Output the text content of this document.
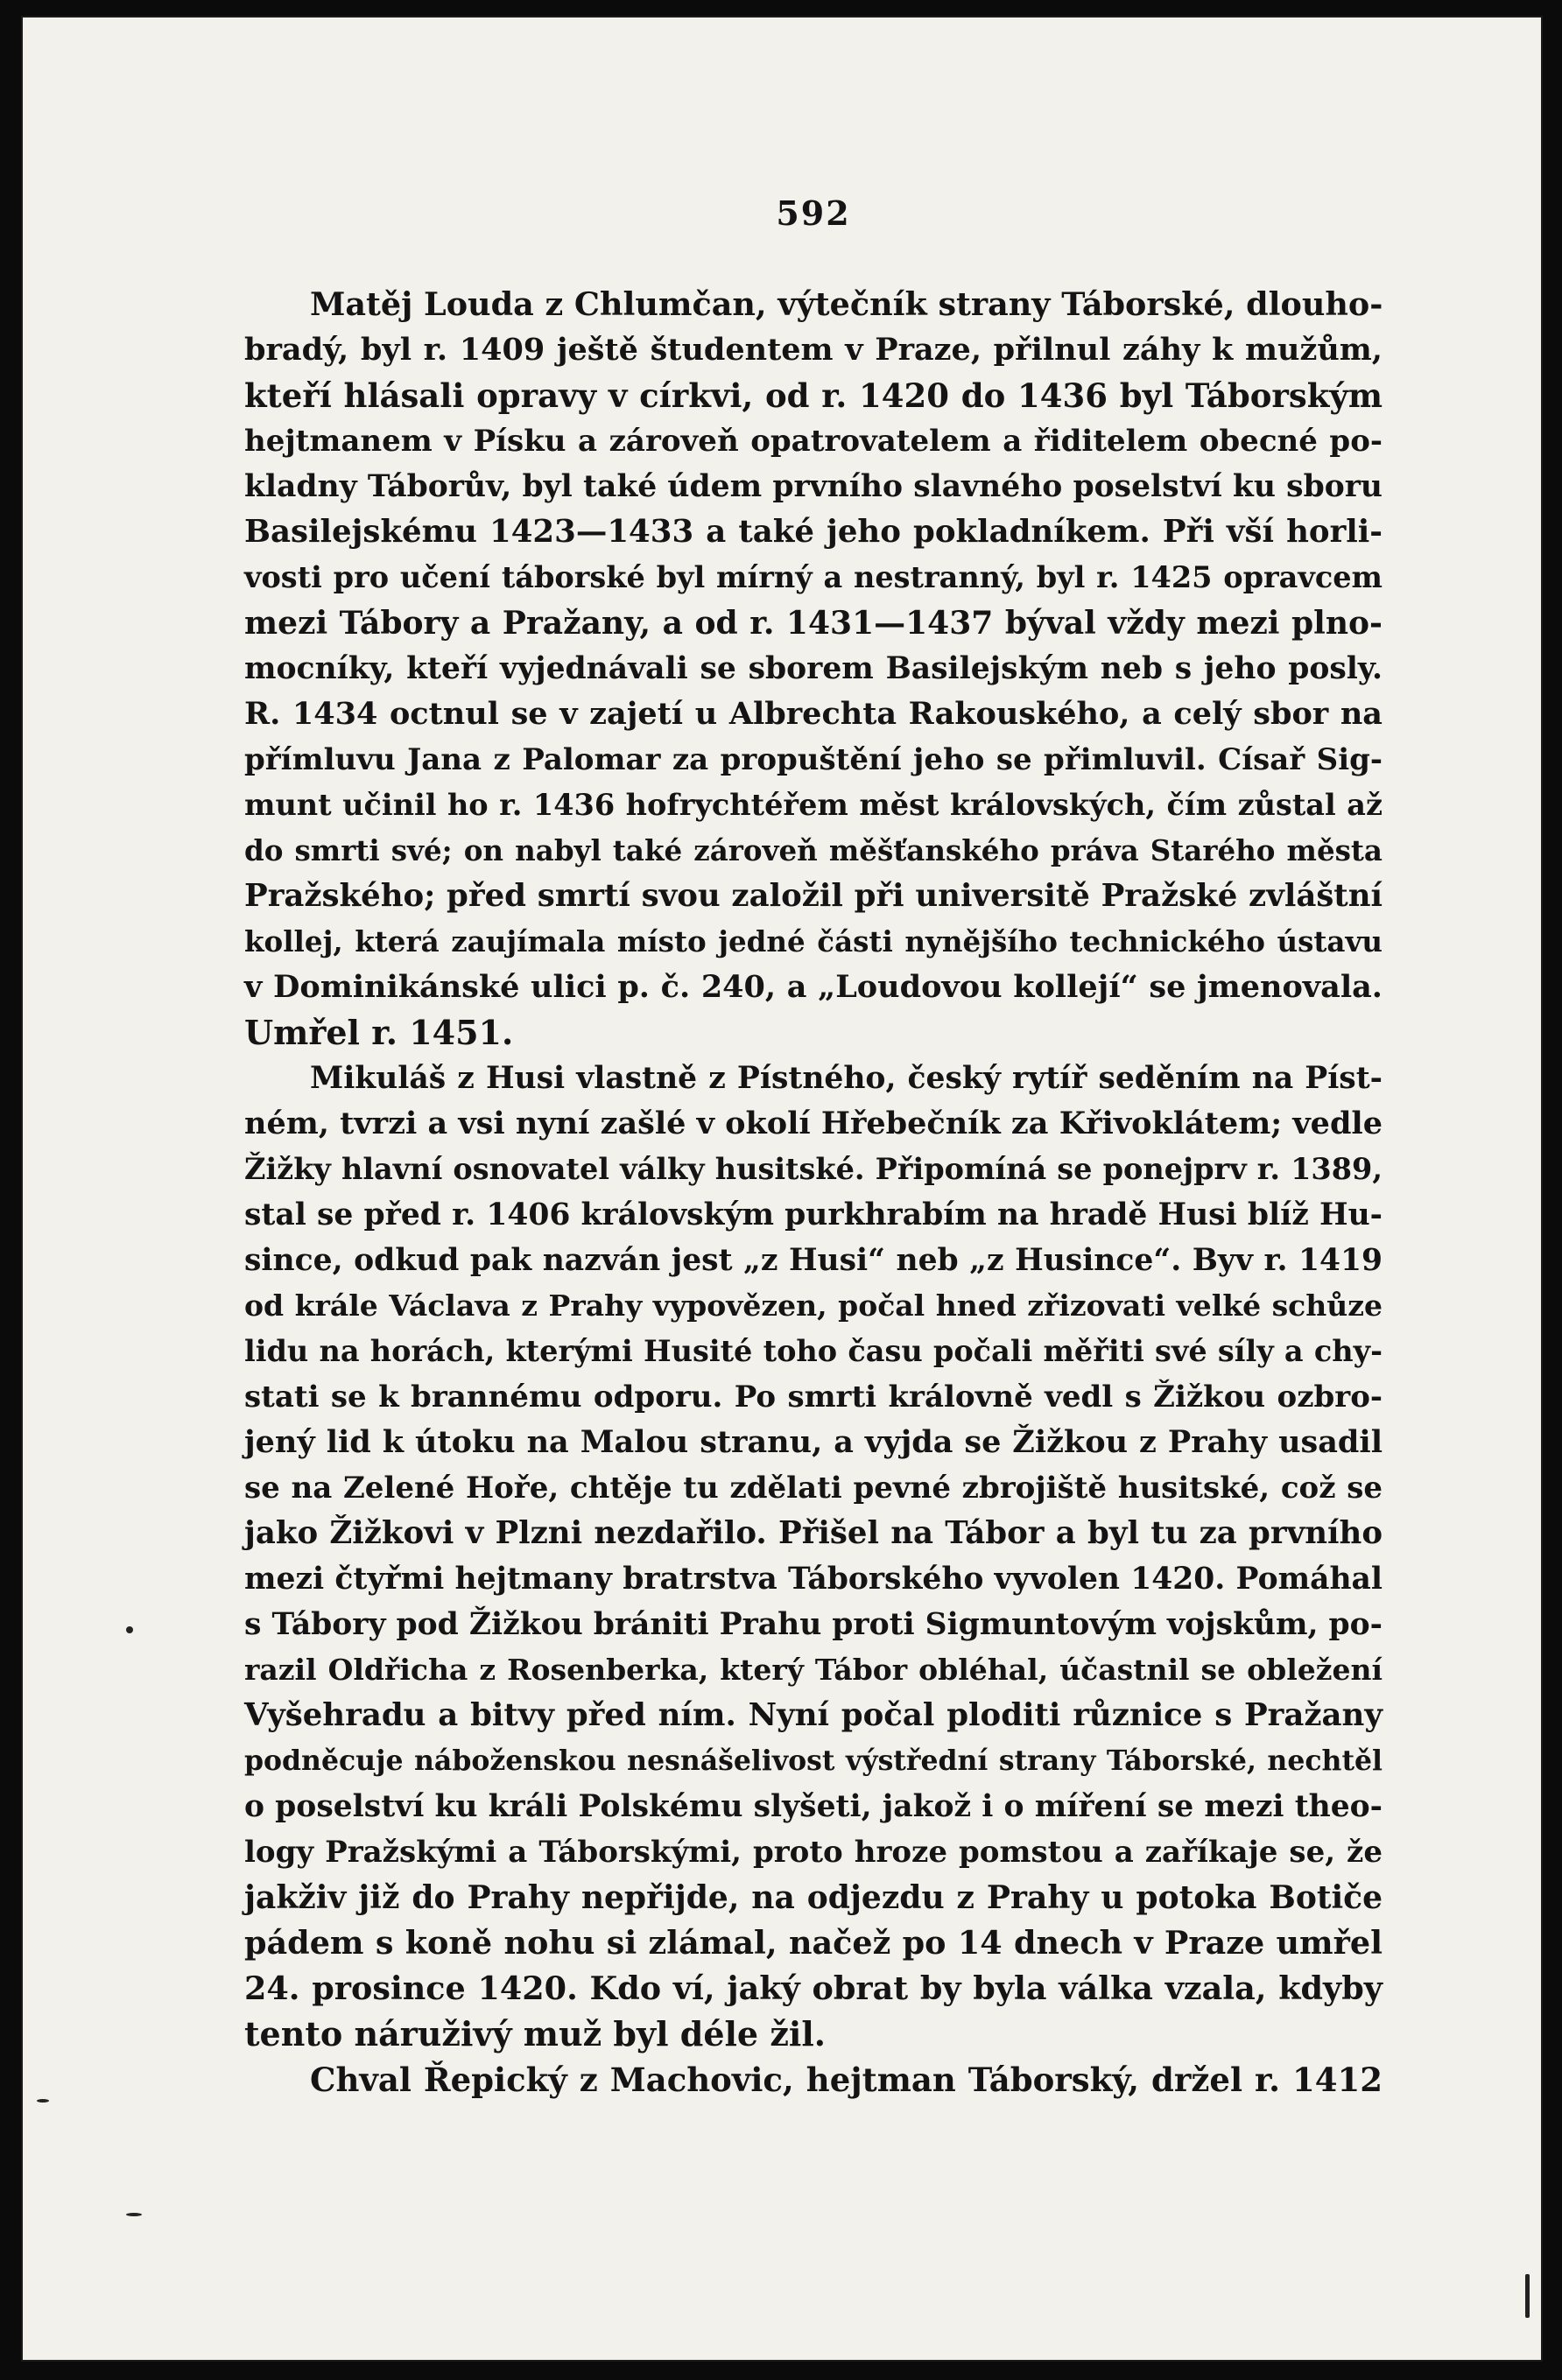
592
Matěj Louda z Chlumčan, výtečník strany Táborské, dlouho-
bradý, byl r. 1409 ještě študentem v Praze, přilnul záhy k mužům,
kteří hlásali opravy v církvi, od r. 1420 do 1436 byl Táborským
hejtmanem v Písku a zároveň opatrovatelem a řiditelem obecné po-
kladny Táborův, byl také údem prvního slavného poselství ku sboru
Basilejskému 1423—1433 a také jeho pokladníkem. Při vší horli-
vosti pro učení táborské byl mírný a nestranný, byl r. 1425 opravcem
mezi Tábory a Pražany, a od r. 1431—1437 býval vždy mezi plno-
mocníky, kteří vyjednávali se sborem Basilejským neb s jeho posly.
R. 1434 octnul se v zajetí u Albrechta Rakouského, a celý sbor na
přímluvu Jana z Palomar za propuštění jeho se přimluvil. Císař Sig-
munt učinil ho r. 1436 hofrychtéřem měst královských, čím zůstal až
do smrti své; on nabyl také zároveň měšťanského práva Starého města
Pražského; před smrtí svou založil při universitě Pražské zvláštní
kollej, která zaujímala místo jedné části nynějšího technického ústavu
v Dominikánské ulici p. č. 240, a „Loudovou kollejí“ se jmenovala.
Umřel r. 1451.
Mikuláš z Husi vlastně z Pístného, český rytíř seděním na Píst-
ném, tvrzi a vsi nyní zašlé v okolí Hřebečník za Křivoklátem; vedle
Žižky hlavní osnovatel války husitské. Připomíná se ponejprv r. 1389,
stal se před r. 1406 královským purkhrabím na hradě Husi blíž Hu-
since, odkud pak nazván jest „z Husi“ neb „z Husince“. Byv r. 1419
od krále Václava z Prahy vypovězen, počal hned zřizovati velké schůze
lidu na horách, kterými Husité toho času počali měřiti své síly a chy-
stati se k brannému odporu. Po smrti královně vedl s Žižkou ozbro-
jený lid k útoku na Malou stranu, a vyjda se Žižkou z Prahy usadil
se na Zelené Hoře, chtěje tu zdělati pevné zbrojiště husitské, což se
jako Žižkovi v Plzni nezdařilo. Přišel na Tábor a byl tu za prvního
mezi čtyřmi hejtmany bratrstva Táborského vyvolen 1420. Pomáhal
s Tábory pod Žižkou brániti Prahu proti Sigmuntovým vojskům, po-
razil Oldřicha z Rosenberka, který Tábor obléhal, účastnil se obležení
Vyšehradu a bitvy před ním. Nyní počal ploditi různice s Pražany
podněcuje náboženskou nesnášelivost výstřední strany Táborské, nechtěl
o poselství ku králi Polskému slyšeti, jakož i o míření se mezi theo-
logy Pražskými a Táborskými, proto hroze pomstou a zaříkaje se, že
jakživ již do Prahy nepřijde, na odjezdu z Prahy u potoka Botiče
pádem s koně nohu si zlámal, načež po 14 dnech v Praze umřel
24. prosince 1420. Kdo ví, jaký obrat by byla válka vzala, kdyby
tento náruživý muž byl déle žil.
Chval Řepický z Machovic, hejtman Táborský, držel r. 1412
